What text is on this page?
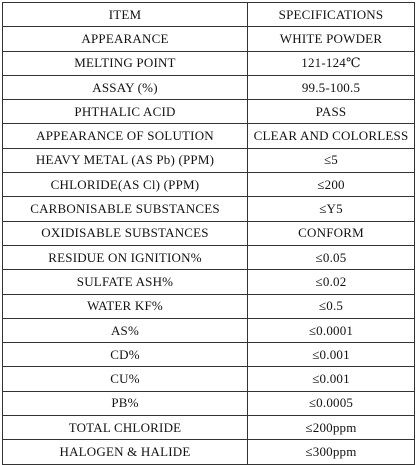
ITEM	SPECIFICATIONS
APPEARANCE	WHITE POWDER
MELTING POINT	121-124℃
ASSAY (%)	99.5-100.5
PHTHALIC ACID	PASS
APPEARANCE OF SOLUTION	CLEAR AND COLORLESS
HEAVY METAL (AS Pb) (PPM)	≤5
CHLORIDE(AS Cl) (PPM)	≤200
CARBONISABLE SUBSTANCES	≤Y5
OXIDISABLE SUBSTANCES	CONFORM
RESIDUE ON IGNITION%	≤0.05
SULFATE ASH%	≤0.02
WATER KF%	≤0.5
AS%	≤0.0001
CD%	≤0.001
CU%	≤0.001
PB%	≤0.0005
TOTAL CHLORIDE	≤200ppm
HALOGEN & HALIDE	≤300ppm
